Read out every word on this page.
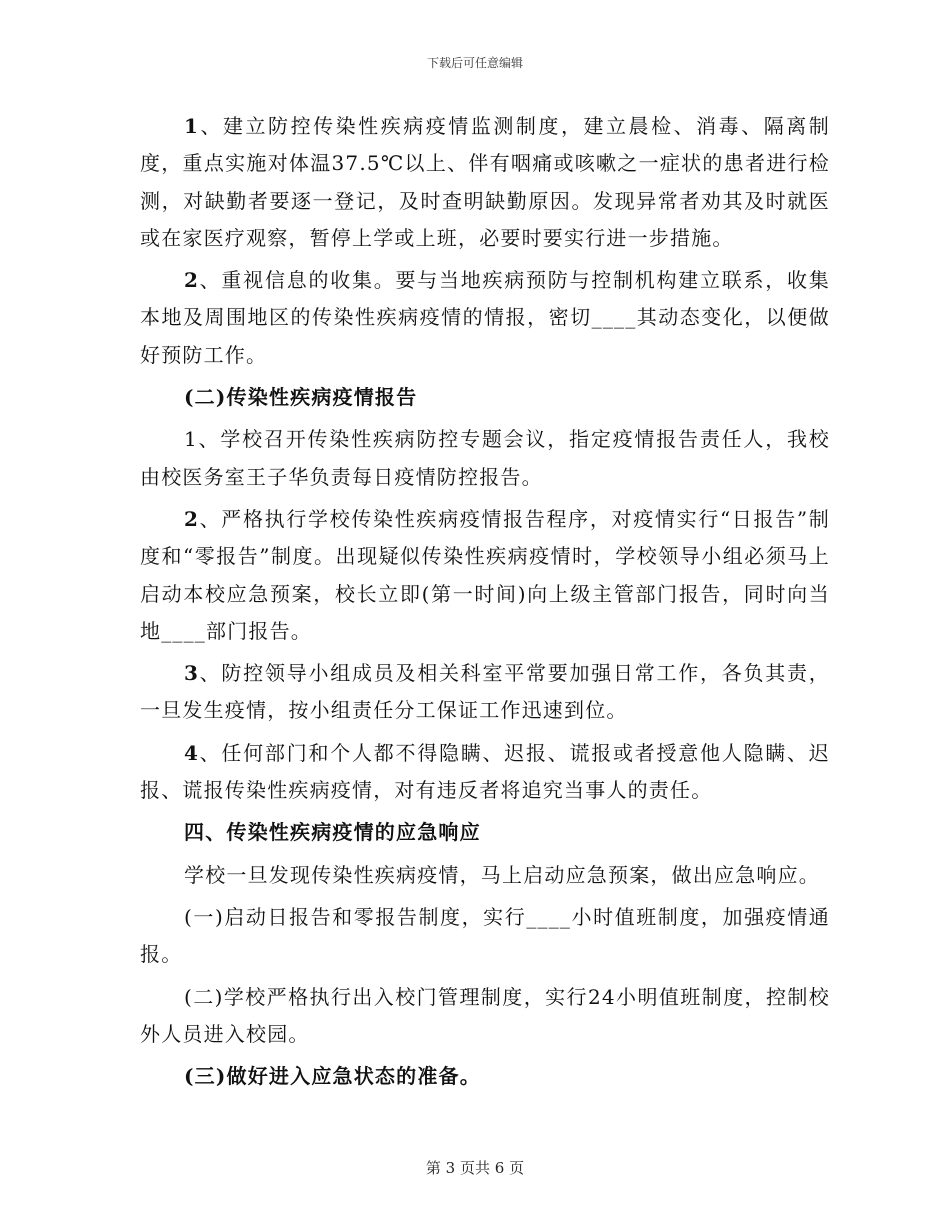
下载后可任意编辑

1、建立防控传染性疾病疫情监测制度，建立晨检、消毒、隔离制度，重点实施对体温37.5℃以上、伴有咽痛或咳嗽之一症状的患者进行检测，对缺勤者要逐一登记，及时查明缺勤原因。发现异常者劝其及时就医或在家医疗观察，暂停上学或上班，必要时要实行进一步措施。

2、重视信息的收集。要与当地疾病预防与控制机构建立联系，收集本地及周围地区的传染性疾病疫情的情报，密切____其动态变化，以便做好预防工作。

(二)传染性疾病疫情报告

1、学校召开传染性疾病防控专题会议，指定疫情报告责任人，我校由校医务室王子华负责每日疫情防控报告。

2、严格执行学校传染性疾病疫情报告程序，对疫情实行“日报告”制度和“零报告”制度。出现疑似传染性疾病疫情时，学校领导小组必须马上启动本校应急预案，校长立即(第一时间)向上级主管部门报告，同时向当地____部门报告。

3、防控领导小组成员及相关科室平常要加强日常工作，各负其责，一旦发生疫情，按小组责任分工保证工作迅速到位。

4、任何部门和个人都不得隐瞒、迟报、谎报或者授意他人隐瞒、迟报、谎报传染性疾病疫情，对有违反者将追究当事人的责任。

四、传染性疾病疫情的应急响应

学校一旦发现传染性疾病疫情，马上启动应急预案，做出应急响应。

(一)启动日报告和零报告制度，实行____小时值班制度，加强疫情通报。

(二)学校严格执行出入校门管理制度，实行24小明值班制度，控制校外人员进入校园。

(三)做好进入应急状态的准备。

第 3 页共 6 页
